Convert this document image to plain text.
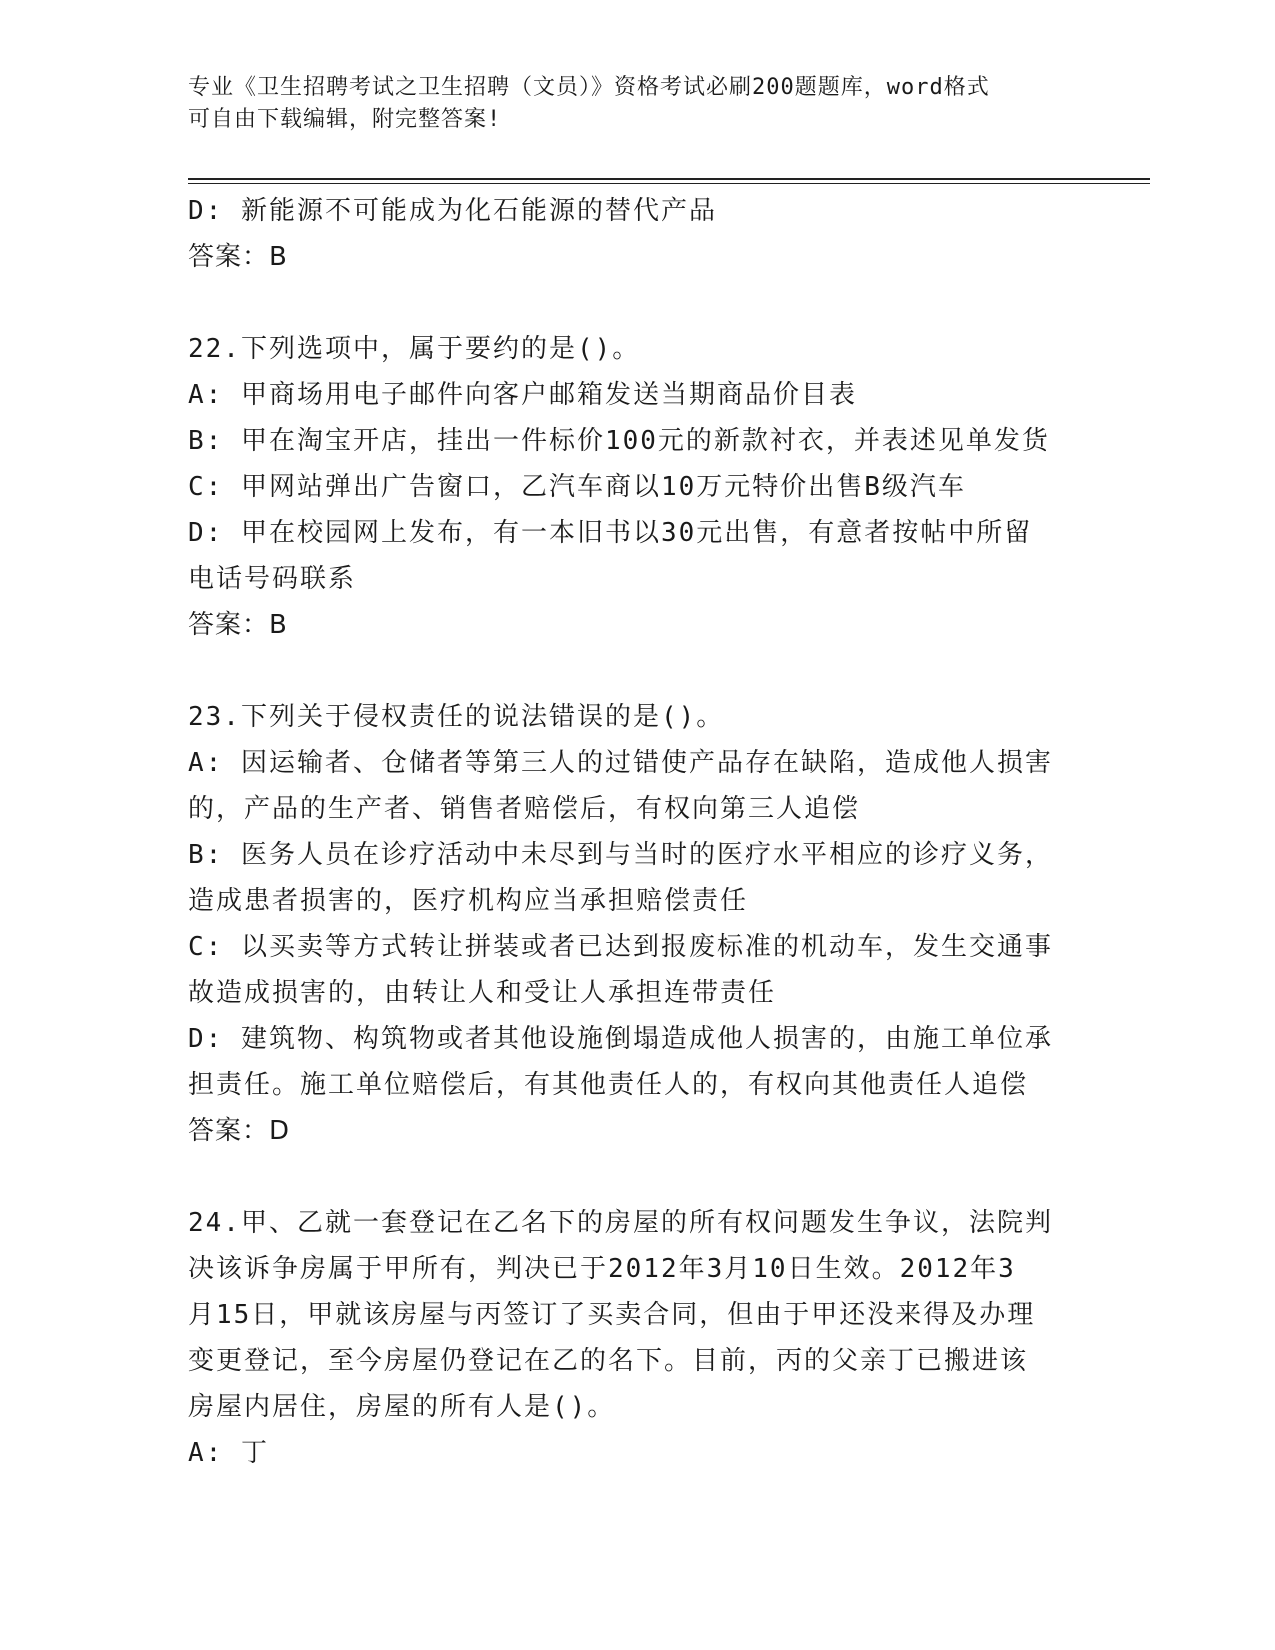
专业《卫生招聘考试之卫生招聘（文员）》资格考试必刷200题题库，word格式
可自由下载编辑，附完整答案!
D: 新能源不可能成为化石能源的替代产品
答案：B
22.下列选项中，属于要约的是()。
A: 甲商场用电子邮件向客户邮箱发送当期商品价目表
B: 甲在淘宝开店，挂出一件标价100元的新款衬衣，并表述见单发货
C: 甲网站弹出广告窗口，乙汽车商以10万元特价出售B级汽车
D: 甲在校园网上发布，有一本旧书以30元出售，有意者按帖中所留
电话号码联系
答案：B
23.下列关于侵权责任的说法错误的是()。
A: 因运输者、仓储者等第三人的过错使产品存在缺陷，造成他人损害
的，产品的生产者、销售者赔偿后，有权向第三人追偿
B: 医务人员在诊疗活动中未尽到与当时的医疗水平相应的诊疗义务，
造成患者损害的，医疗机构应当承担赔偿责任
C: 以买卖等方式转让拼装或者已达到报废标准的机动车，发生交通事
故造成损害的，由转让人和受让人承担连带责任
D: 建筑物、构筑物或者其他设施倒塌造成他人损害的，由施工单位承
担责任。施工单位赔偿后，有其他责任人的，有权向其他责任人追偿
答案：D
24.甲、乙就一套登记在乙名下的房屋的所有权问题发生争议，法院判
决该诉争房属于甲所有，判决已于2012年3月10日生效。2012年3
月15日，甲就该房屋与丙签订了买卖合同，但由于甲还没来得及办理
变更登记，至今房屋仍登记在乙的名下。目前，丙的父亲丁已搬进该
房屋内居住，房屋的所有人是()。
A: 丁
